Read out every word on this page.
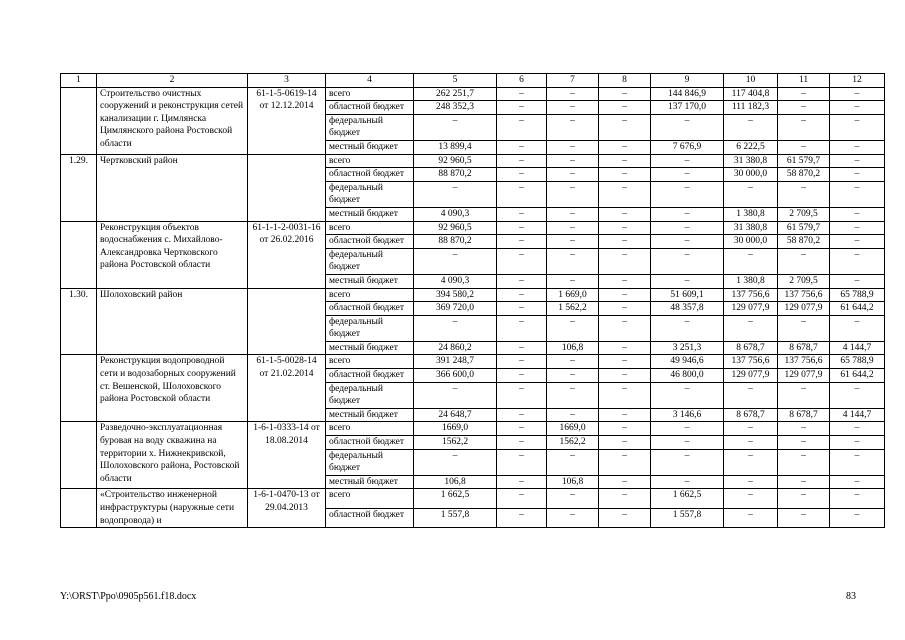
1	2	3	4	5	6	7	8	9	10	11	12
	Строительство очистных сооружений и реконструкция сетей канализации г. Цимлянска Цимлянского района Ростовской области	61-1-5-0619-14 от 12.12.2014	всего	262 251,7	–	–	–	144 846,9	117 404,8	–	–
			областной бюджет	248 352,3	–	–	–	137 170,0	111 182,3	–	–
			федеральный бюджет	–	–	–	–	–	–	–	–
			местный бюджет	13 899,4	–	–	–	7 676,9	6 222,5	–	–
1.29.	Чертковский район		всего	92 960,5	–	–	–	–	31 380,8	61 579,7	–
			областной бюджет	88 870,2	–	–	–	–	30 000,0	58 870,2	–
			федеральный бюджет	–	–	–	–	–	–	–	–
			местный бюджет	4 090,3	–	–	–	–	1 380,8	2 709,5	–
	Реконструкция объектов водоснабжения с. Михайлово-Александровка Чертковского района Ростовской области	61-1-1-2-0031-16 от 26.02.2016	всего	92 960,5	–	–	–	–	31 380,8	61 579,7	–
			областной бюджет	88 870,2	–	–	–	–	30 000,0	58 870,2	–
			федеральный бюджет	–	–	–	–	–	–	–	–
			местный бюджет	4 090,3	–	–	–	–	1 380,8	2 709,5	–
1.30.	Шолоховский район		всего	394 580,2	–	1 669,0	–	51 609,1	137 756,6	137 756,6	65 788,9
			областной бюджет	369 720,0	–	1 562,2	–	48 357,8	129 077,9	129 077,9	61 644,2
			федеральный бюджет	–	–	–	–	–	–	–	–
			местный бюджет	24 860,2	–	106,8	–	3 251,3	8 678,7	8 678,7	4 144,7
	Реконструкция водопроводной сети и водозаборных сооружений ст. Вешенской, Шолоховского района Ростовской области	61-1-5-0028-14 от 21.02.2014	всего	391 248,7	–	–	–	49 946,6	137 756,6	137 756,6	65 788,9
			областной бюджет	366 600,0	–	–	–	46 800,0	129 077,9	129 077,9	61 644,2
			федеральный бюджет	–	–	–	–	–	–	–	–
			местный бюджет	24 648,7	–	–	–	3 146,6	8 678,7	8 678,7	4 144,7
	Разведочно-эксплуатационная буровая на воду скважина на территории х. Нижнекривской, Шолоховского района, Ростовской области	1-6-1-0333-14 от 18.08.2014	всего	1669,0	–	1669,0	–	–	–	–	–
			областной бюджет	1562,2	–	1562,2	–	–	–	–	–
			федеральный бюджет	–	–	–	–	–	–	–	–
			местный бюджет	106,8	–	106,8	–	–	–	–	–
	«Строительство инженерной инфраструктуры (наружные сети водопровода) и	1-6-1-0470-13 от 29.04.2013	всего	1 662,5	–	–	–	1 662,5	–	–	–
			областной бюджет	1 557,8	–	–	–	1 557,8	–	–	–
Y:\ORST\Ppo\0905p561.f18.docx	83
